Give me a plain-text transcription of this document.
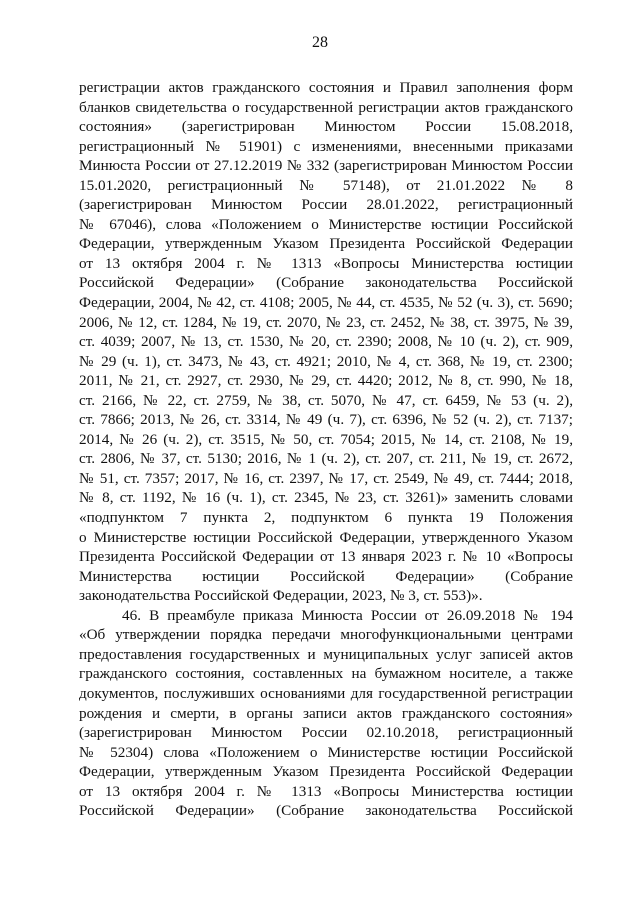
28
регистрации актов гражданского состояния и Правил заполнения форм
бланков свидетельства о государственной регистрации актов гражданского
состояния» (зарегистрирован Минюстом России 15.08.2018,
регистрационный № 51901) с изменениями, внесенными приказами
Минюста России от 27.12.2019 № 332 (зарегистрирован Минюстом России
15.01.2020, регистрационный № 57148), от 21.01.2022 № 8
(зарегистрирован Минюстом России 28.01.2022, регистрационный
№ 67046), слова «Положением о Министерстве юстиции Российской
Федерации, утвержденным Указом Президента Российской Федерации
от 13 октября 2004 г. № 1313 «Вопросы Министерства юстиции
Российской Федерации» (Собрание законодательства Российской
Федерации, 2004, № 42, ст. 4108; 2005, № 44, ст. 4535, № 52 (ч. 3), ст. 5690;
2006, № 12, ст. 1284, № 19, ст. 2070, № 23, ст. 2452, № 38, ст. 3975, № 39,
ст. 4039; 2007, № 13, ст. 1530, № 20, ст. 2390; 2008, № 10 (ч. 2), ст. 909,
№ 29 (ч. 1), ст. 3473, № 43, ст. 4921; 2010, № 4, ст. 368, № 19, ст. 2300;
2011, № 21, ст. 2927, ст. 2930, № 29, ст. 4420; 2012, № 8, ст. 990, № 18,
ст. 2166, № 22, ст. 2759, № 38, ст. 5070, № 47, ст. 6459, № 53 (ч. 2),
ст. 7866; 2013, № 26, ст. 3314, № 49 (ч. 7), ст. 6396, № 52 (ч. 2), ст. 7137;
2014, № 26 (ч. 2), ст. 3515, № 50, ст. 7054; 2015, № 14, ст. 2108, № 19,
ст. 2806, № 37, ст. 5130; 2016, № 1 (ч. 2), ст. 207, ст. 211, № 19, ст. 2672,
№ 51, ст. 7357; 2017, № 16, ст. 2397, № 17, ст. 2549, № 49, ст. 7444; 2018,
№ 8, ст. 1192, № 16 (ч. 1), ст. 2345, № 23, ст. 3261)» заменить словами
«подпунктом 7 пункта 2, подпунктом 6 пункта 19 Положения
о Министерстве юстиции Российской Федерации, утвержденного Указом
Президента Российской Федерации от 13 января 2023 г. № 10 «Вопросы
Министерства юстиции Российской Федерации» (Собрание
законодательства Российской Федерации, 2023, № 3, ст. 553)».
46. В преамбуле приказа Минюста России от 26.09.2018 № 194
«Об утверждении порядка передачи многофункциональными центрами
предоставления государственных и муниципальных услуг записей актов
гражданского состояния, составленных на бумажном носителе, а также
документов, послуживших основаниями для государственной регистрации
рождения и смерти, в органы записи актов гражданского состояния»
(зарегистрирован Минюстом России 02.10.2018, регистрационный
№ 52304) слова «Положением о Министерстве юстиции Российской
Федерации, утвержденным Указом Президента Российской Федерации
от 13 октября 2004 г. № 1313 «Вопросы Министерства юстиции
Российской Федерации» (Собрание законодательства Российской
